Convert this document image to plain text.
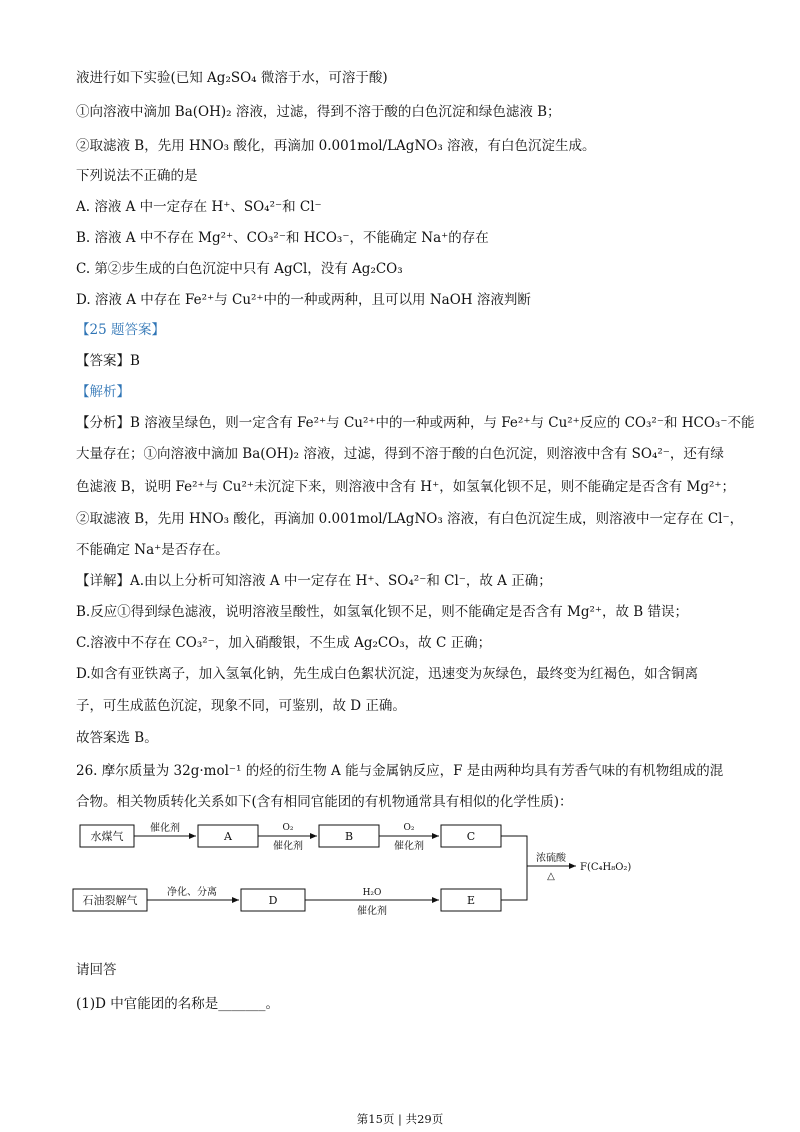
液进行如下实验(已知 Ag₂SO₄ 微溶于水，可溶于酸)
①向溶液中滴加 Ba(OH)₂ 溶液，过滤，得到不溶于酸的白色沉淀和绿色滤液 B；
②取滤液 B，先用 HNO₃ 酸化，再滴加 0.001mol/LAgNO₃ 溶液，有白色沉淀生成。
下列说法不正确的是
A. 溶液 A 中一定存在 H⁺、SO₄²⁻和 Cl⁻
B. 溶液 A 中不存在 Mg²⁺、CO₃²⁻和 HCO₃⁻，不能确定 Na⁺的存在
C. 第②步生成的白色沉淀中只有 AgCl，没有 Ag₂CO₃
D. 溶液 A 中存在 Fe²⁺与 Cu²⁺中的一种或两种，且可以用 NaOH 溶液判断
【25 题答案】
【答案】B
【解析】
【分析】B 溶液呈绿色，则一定含有 Fe²⁺与 Cu²⁺中的一种或两种，与 Fe²⁺与 Cu²⁺反应的 CO₃²⁻和 HCO₃⁻不能
大量存在；①向溶液中滴加 Ba(OH)₂ 溶液，过滤，得到不溶于酸的白色沉淀，则溶液中含有 SO₄²⁻，还有绿
色滤液 B，说明 Fe²⁺与 Cu²⁺未沉淀下来，则溶液中含有 H⁺，如氢氧化钡不足，则不能确定是否含有 Mg²⁺；
②取滤液 B，先用 HNO₃ 酸化，再滴加 0.001mol/LAgNO₃ 溶液，有白色沉淀生成，则溶液中一定存在 Cl⁻，
不能确定 Na⁺是否存在。
【详解】A.由以上分析可知溶液 A 中一定存在 H⁺、SO₄²⁻和 Cl⁻，故 A 正确；
B.反应①得到绿色滤液，说明溶液呈酸性，如氢氧化钡不足，则不能确定是否含有 Mg²⁺，故 B 错误；
C.溶液中不存在 CO₃²⁻，加入硝酸银，不生成 Ag₂CO₃，故 C 正确；
D.如含有亚铁离子，加入氢氧化钠，先生成白色絮状沉淀，迅速变为灰绿色，最终变为红褐色，如含铜离
子，可生成蓝色沉淀，现象不同，可鉴别，故 D 正确。
故答案选 B。
26. 摩尔质量为 32g·mol⁻¹ 的烃的衍生物 A 能与金属钠反应，F 是由两种均具有芳香气味的有机物组成的混
合物。相关物质转化关系如下(含有相同官能团的有机物通常具有相似的化学性质)：
水煤气	A	B	C
石油裂解气	D	E
催化剂	O₂
催化剂
O₂
催化剂
净化、分离	H₂O
催化剂
浓硫酸
△
F(C₄H₈O₂)
请回答
(1)D 中官能团的名称是_______。
第15页 | 共29页
